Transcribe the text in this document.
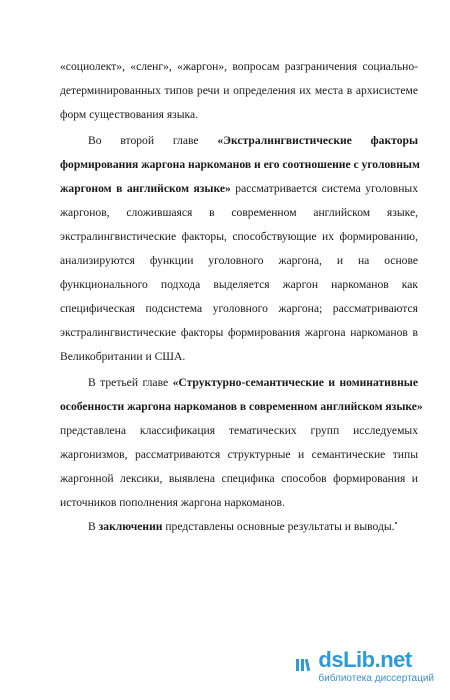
«социолект», «сленг», «жаргон», вопросам разграничения социально-
детерминированных типов речи и определения их места в архисистеме
форм существования языка.
Во второй главе «Экстралингвистические факторы
формирования жаргона наркоманов и его соотношение с уголовным
жаргоном в английском языке» рассматривается система уголовных
жаргонов, сложившаяся в современном английском языке,
экстралингвистические факторы, способствующие их формированию,
анализируются функции уголовного жаргона, и на основе
функционального подхода выделяется жаргон наркоманов как
специфическая подсистема уголовного жаргона; рассматриваются
экстралингвистические факторы формирования жаргона наркоманов в
Великобритании и США.
В третьей главе «Структурно-семантические и номинативные
особенности жаргона наркоманов в современном английском языке»
представлена классификация тематических групп исследуемых
жаргонизмов, рассматриваются структурные и семантические типы
жаргонной лексики, выявлена специфика способов формирования и
источников пополнения жаргона наркоманов.
В заключении представлены основные результаты и выводы.
dsLib.net
библиотека диссертаций
